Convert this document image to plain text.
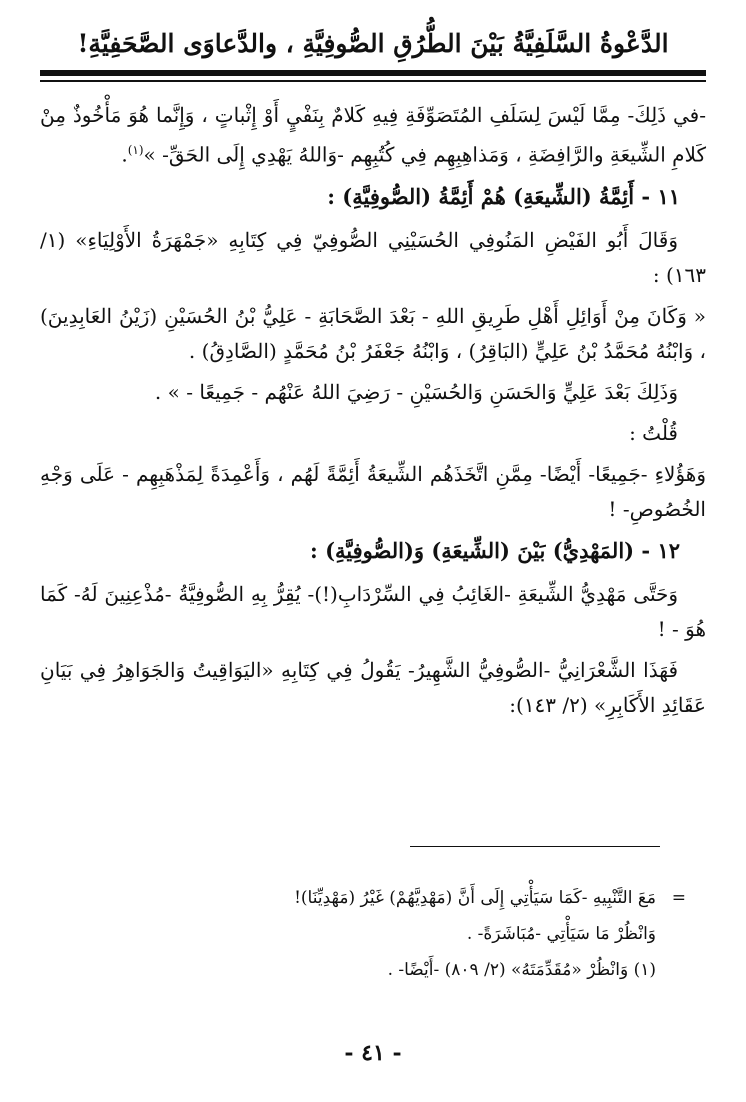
الدَّعْوةُ السَّلَفِيَّةُ بَيْنَ الطُّرُقِ الصُّوفِيَّةِ ، والدَّعاوَى الصَّحَفِيَّةِ!

-في ذَلِكَ- مِمَّا لَيْسَ لِسَلَفِ المُتَصَوِّفَةِ فِيهِ كَلامٌ بِنَفْيٍ أَوْ إِثْباتٍ ، وَإِنَّما هُوَ مَأْخُوذٌ مِنْ كَلامِ الشِّيعَةِ والرَّافِضَةِ ، وَمَذاهِبِهِم فِي كُتُبِهِم -وَاللهُ يَهْدِي إِلَى الحَقِّ- »$^{(١)}$.

١١ - أَئِمَّةُ (الشِّيعَةِ) هُمْ أَئِمَّةُ (الصُّوفِيَّةِ) :

وَقَالَ أَبُو الفَيْضِ المَنُوفِي الحُسَيْنِي الصُّوفِيّ فِي كِتَابِهِ «جَمْهَرَةُ الأَوْلِيَاءِ» (١/ ١٦٣) :

« وَكَانَ مِنْ أَوَائِلِ أَهْلِ طَرِيقِ اللهِ - بَعْدَ الصَّحَابَةِ - عَلِيُّ بْنُ الحُسَيْنِ (زَيْنُ العَابِدِينَ) ، وَابْنُهُ مُحَمَّدُ بْنُ عَلِيٍّ (البَاقِرُ) ، وَابْنُهُ جَعْفَرُ بْنُ مُحَمَّدٍ (الصَّادِقُ) .

وَذَلِكَ بَعْدَ عَلِيٍّ وَالحَسَنِ وَالحُسَيْنِ - رَضِيَ اللهُ عَنْهُم - جَمِيعًا - » .

قُلْتُ :

وَهَؤُلاءِ -جَمِيعًا- أَيْضًا- مِمَّنِ اتَّخَذَهُم الشِّيعَةُ أَئِمَّةً لَهُم ، وَأَعْمِدَةً لِمَذْهَبِهِم - عَلَى وَجْهِ الخُصُوصِ- !

١٢ - (المَهْدِيُّ) بَيْنَ (الشِّيعَةِ) وَ(الصُّوفِيَّةِ) :

وَحَتَّى مَهْدِيُّ الشِّيعَةِ -الغَائِبُ فِي السِّرْدَابِ(!)- يُقِرُّ بِهِ الصُّوفِيَّةُ -مُذْعِنِينَ لَهُ- كَمَا هُوَ - !

فَهَذَا الشَّعْرَانِيُّ -الصُّوفِيُّ الشَّهِيرُ- يَقُولُ فِي كِتَابِهِ «اليَوَاقِيتُ وَالجَوَاهِرُ فِي بَيَانِ عَقَائِدِ الأَكَابِرِ» (٢/ ١٤٣):

=

مَعَ التَّنْبِيهِ -كَمَا سَيَأْتِي إِلَى أَنَّ (مَهْدِيَّهُمْ) غَيْرُ (مَهْدِيِّنَا)!

وَانْظُرْ مَا سَيَأْتِي -مُبَاشَرَةً- .

(١) وَانْظُرْ «مُقَدِّمَتَهُ» (٢/ ٨٠٩) -أَيْضًا- .

- ٤١ -
